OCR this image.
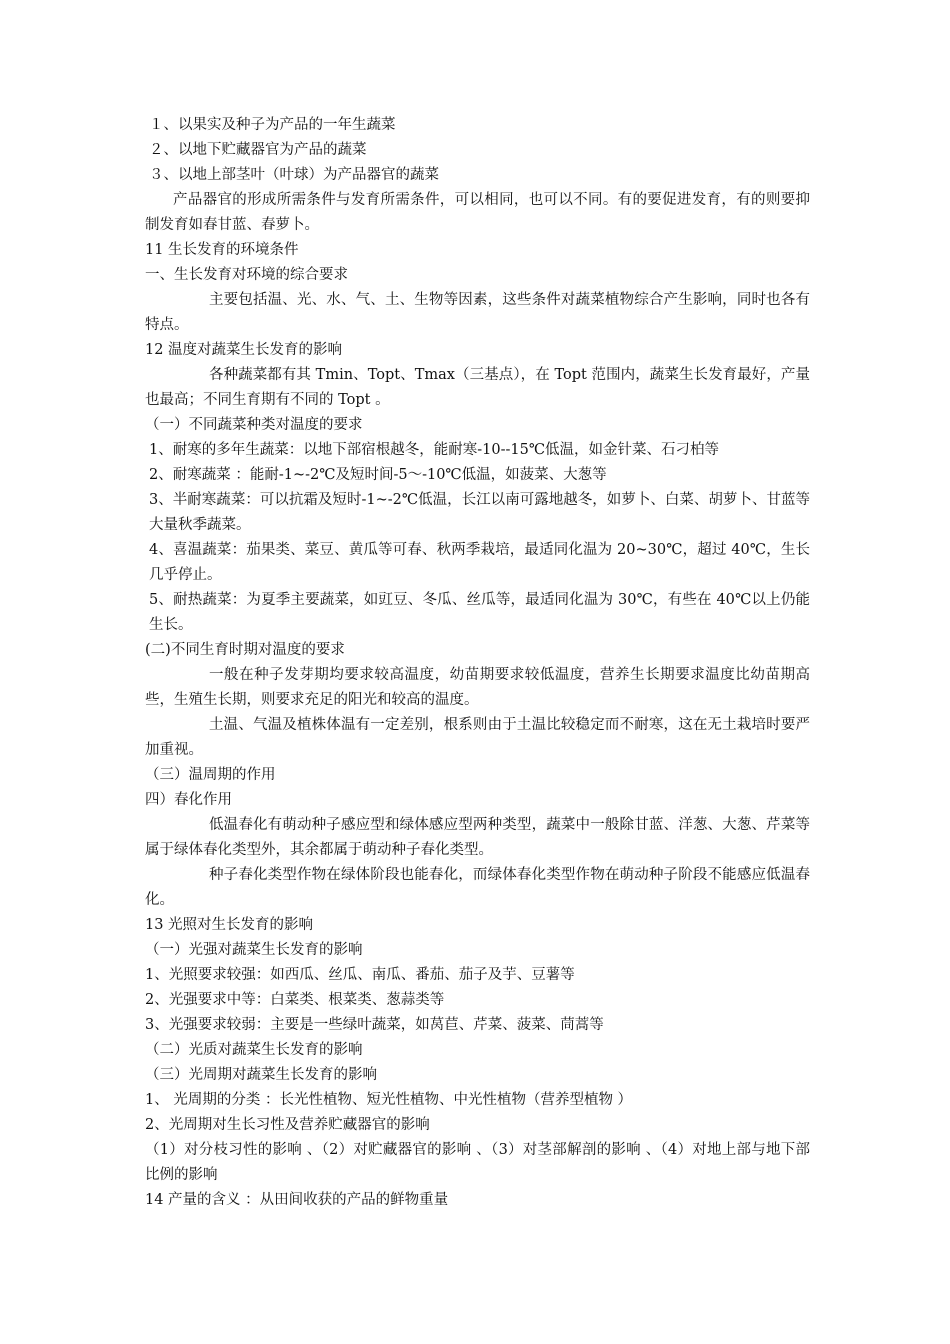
１、以果实及种子为产品的一年生蔬菜

２、以地下贮藏器官为产品的蔬菜

３、以地上部茎叶（叶球）为产品器官的蔬菜

产品器官的形成所需条件与发育所需条件，可以相同，也可以不同。有的要促进发育，有的则要抑制发育如春甘蓝、春萝卜。

11 生长发育的环境条件

一、生长发育对环境的综合要求

主要包括温、光、水、气、土、生物等因素，这些条件对蔬菜植物综合产生影响，同时也各有特点。

12 温度对蔬菜生长发育的影响

各种蔬菜都有其 Tmin、Topt、Tmax（三基点），在 Topt 范围内，蔬菜生长发育最好，产量也最高；不同生育期有不同的 Topt 。

（一）不同蔬菜种类对温度的要求

1、耐寒的多年生蔬菜：以地下部宿根越冬，能耐寒-10--15℃低温，如金针菜、石刁柏等

2、耐寒蔬菜 ：能耐-1~-2℃及短时间-5～-10℃低温，如菠菜、大葱等

3、半耐寒蔬菜：可以抗霜及短时-1~-2℃低温，长江以南可露地越冬，如萝卜、白菜、胡萝卜、甘蓝等大量秋季蔬菜。

4、喜温蔬菜：茄果类、菜豆、黄瓜等可春、秋两季栽培，最适同化温为 20~30℃，超过 40℃，生长几乎停止。

5、耐热蔬菜：为夏季主要蔬菜，如豇豆、冬瓜、丝瓜等，最适同化温为 30℃，有些在 40℃以上仍能生长。

(二)不同生育时期对温度的要求

一般在种子发芽期均要求较高温度，幼苗期要求较低温度，营养生长期要求温度比幼苗期高些，生殖生长期，则要求充足的阳光和较高的温度。

土温、气温及植株体温有一定差别，根系则由于土温比较稳定而不耐寒，这在无土栽培时要严加重视。

（三）温周期的作用

四）春化作用

低温春化有萌动种子感应型和绿体感应型两种类型，蔬菜中一般除甘蓝、洋葱、大葱、芹菜等属于绿体春化类型外，其余都属于萌动种子春化类型。

种子春化类型作物在绿体阶段也能春化，而绿体春化类型作物在萌动种子阶段不能感应低温春化。

13 光照对生长发育的影响

（一）光强对蔬菜生长发育的影响

1、光照要求较强：如西瓜、丝瓜、南瓜、番茄、茄子及芋、豆薯等

2、光强要求中等：白菜类、根菜类、葱蒜类等

3、光强要求较弱：主要是一些绿叶蔬菜，如莴苣、芹菜、菠菜、茼蒿等

（二）光质对蔬菜生长发育的影响

（三）光周期对蔬菜生长发育的影响

1、 光周期的分类 ：长光性植物、短光性植物、中光性植物（营养型植物 ）

2、光周期对生长习性及营养贮藏器官的影响

（1）对分枝习性的影响 、（2）对贮藏器官的影响 、（3）对茎部解剖的影响 、（4）对地上部与地下部比例的影响

14 产量的含义 ：从田间收获的产品的鲜物重量
